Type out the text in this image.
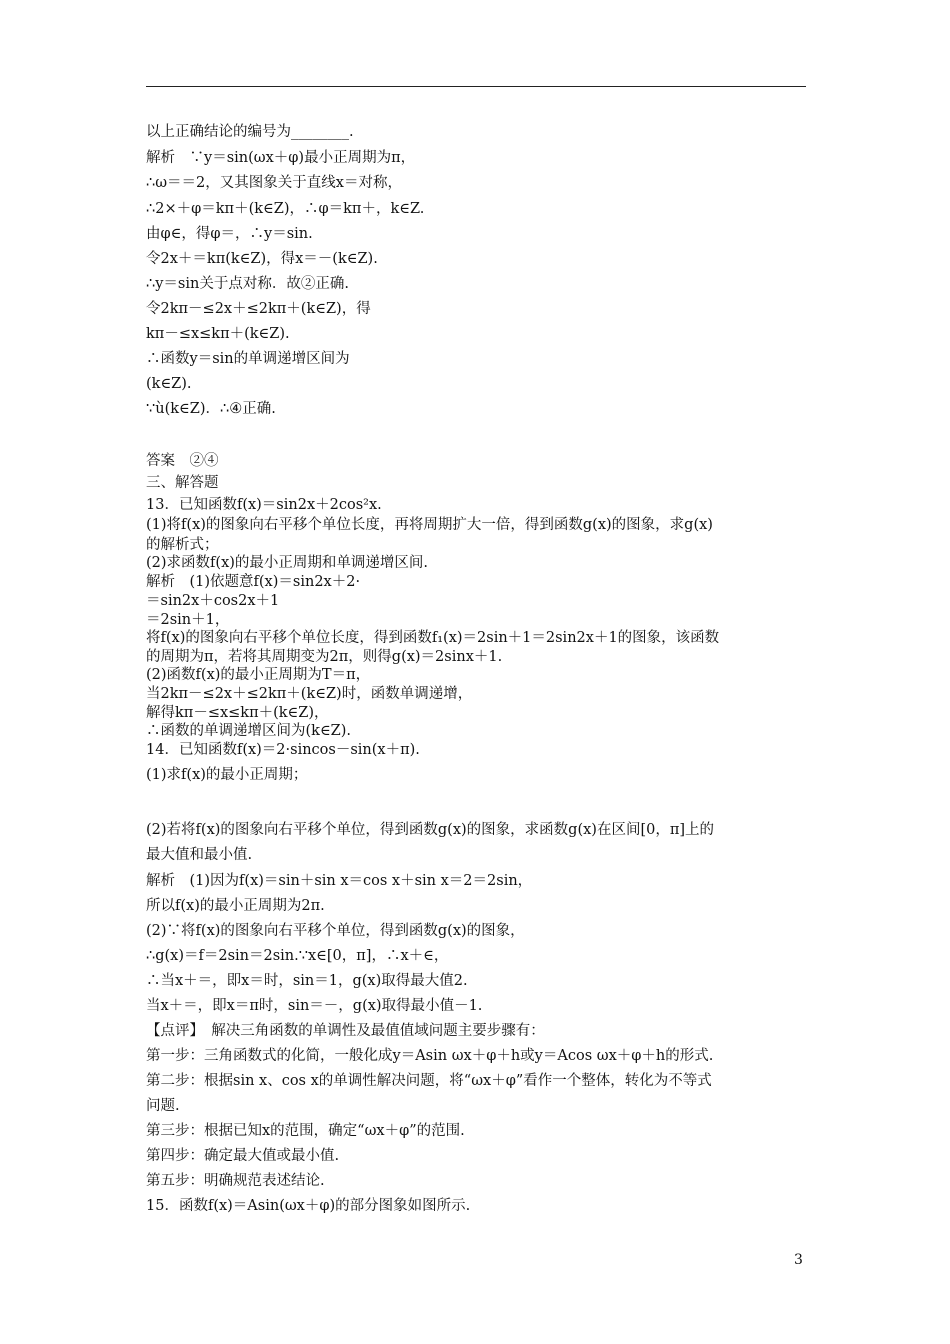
以上正确结论的编号为________.
解析　∵y＝sin(ωx＋φ)最小正周期为π，
∴ω＝＝2，又其图象关于直线x＝对称，
∴2×＋φ＝kπ＋(k∈Z)，∴φ＝kπ＋，k∈Z.
由φ∈，得φ＝，∴y＝sin.
令2x＋＝kπ(k∈Z)，得x＝－(k∈Z).
∴y＝sin关于点对称．故②正确.
令2kπ－≤2x＋≤2kπ＋(k∈Z)，得
kπ－≤x≤kπ＋(k∈Z).
∴函数y＝sin的单调递增区间为
(k∈Z).
∵ù(k∈Z)．∴④正确.
答案　②④
三、解答题
13．已知函数f(x)＝sin2x＋2cos²x.
(1)将f(x)的图象向右平移个单位长度，再将周期扩大一倍，得到函数g(x)的图象，求g(x)
的解析式；
(2)求函数f(x)的最小正周期和单调递增区间.
解析　(1)依题意f(x)＝sin2x＋2·
＝sin2x＋cos2x＋1
＝2sin＋1，
将f(x)的图象向右平移个单位长度，得到函数f₁(x)＝2sin＋1＝2sin2x＋1的图象，该函数
的周期为π，若将其周期变为2π，则得g(x)＝2sinx＋1.
(2)函数f(x)的最小正周期为T＝π，
当2kπ－≤2x＋≤2kπ＋(k∈Z)时，函数单调递增，
解得kπ－≤x≤kπ＋(k∈Z)，
∴函数的单调递增区间为(k∈Z).
14．已知函数f(x)＝2·sincos－sin(x＋π).
(1)求f(x)的最小正周期；
(2)若将f(x)的图象向右平移个单位，得到函数g(x)的图象，求函数g(x)在区间[0，π]上的
最大值和最小值.
解析　(1)因为f(x)＝sin＋sin x＝cos x＋sin x＝2＝2sin，
所以f(x)的最小正周期为2π.
(2)∵将f(x)的图象向右平移个单位，得到函数g(x)的图象，
∴g(x)＝f＝2sin＝2sin.∵x∈[0，π]，∴x＋∈，
∴当x＋＝，即x＝时，sin＝1，g(x)取得最大值2.
当x＋＝，即x＝π时，sin＝－，g(x)取得最小值－1.
【点评】　解决三角函数的单调性及最值值域问题主要步骤有：
第一步：三角函数式的化简，一般化成y＝Asin ωx＋φ＋h或y＝Acos ωx＋φ＋h的形式.
第二步：根据sin x、cos x的单调性解决问题，将“ωx＋φ”看作一个整体，转化为不等式
问题.
第三步：根据已知x的范围，确定“ωx＋φ”的范围.
第四步：确定最大值或最小值.
第五步：明确规范表述结论.
15．函数f(x)＝Asin(ωx＋φ)的部分图象如图所示.
3
